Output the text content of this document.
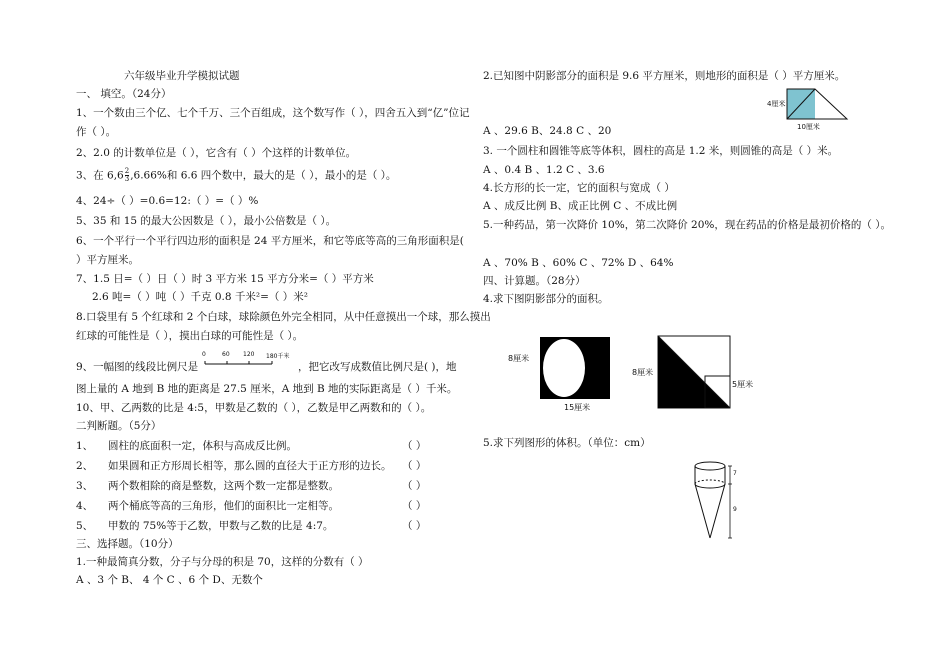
六年级毕业升学模拟试题
一、 填空。（24分）
1、一个数由三个亿、七个千万、三个百组成，这个数写作（ ），四舍五入到“亿”位记
作（ ）。
2、2.0 的计数单位是（ ），它含有（ ）个这样的计数单位。
3、在 $6,6 \frac{2}{3} ,6.66\%$和 6.6 四个数中，最大的是（ ），最小的是（ ）。
4、24÷（ ）=0.6=12:（ ）=（ ）%
5、35 和 15 的最大公因数是（ ），最小公倍数是（ ）。
6、一个平行一个平行四边形的面积是 24 平方厘米，和它等底等高的三角形面积是(
）平方厘米。
7、1.5 日=（ ）日（ ）时 3 平方米 15 平方分米=（ ）平方米
2.6 吨=（ ）吨（ ）千克 0.8 千米²=（ ）米²
8.口袋里有 5 个红球和 2 个白球，球除颜色外完全相同，从中任意摸出一个球，那么摸出
红球的可能性是（ ），摸出白球的可能性是（ ）。
9、一幅图的线段比例尺是
0	60 120 180千米
，把它改写成数值比例尺是( )，地
图上量的 A 地到 B 地的距离是 27.5 厘米，A 地到 B 地的实际距离是（ ）千米。
10、甲、乙两数的比是 4:5，甲数是乙数的（ ），乙数是甲乙两数和的（ ）。
二判断题。（5分）
1、 圆柱的底面积一定，体积与高成反比例。	（ ）
2、 如果圆和正方形周长相等，那么圆的直径大于正方形的边长。 （ ）
3、 两个数相除的商是整数，这两个数一定都是整数。	（ ）
4、 两个桶底等高的三角形，他们的面积比一定相等。	（ ）
5、 甲数的 75%等于乙数，甲数与乙数的比是 4:7。	（ ）
三、选择题。（10分）
1.一种最简真分数，分子与分母的积是 70，这样的分数有（ ）
A 、3 个 B、 4 个 C 、6 个 D、无数个
2.已知图中阴影部分的面积是 9.6 平方厘米，则地形的面积是（ ）平方厘米。
4厘米
10厘米
A 、29.6 B、24.8 C 、20
3. 一个圆柱和圆锥等底等体积，圆柱的高是 1.2 米，则圆锥的高是（ ）米。
A 、0.4 B 、1.2 C 、3.6
4.长方形的长一定，它的面积与宽成（ ）
A 、成反比例 B、成正比例 C 、不成比例
5.一种药品，第一次降价 10%，第二次降价 20%，现在药品的价格是最初价格的（ ）。
A 、70% B 、60% C 、72% D 、64%
四、计算题。（28分）
4.求下图阴影部分的面积。
8厘米
15厘米
8厘米
5厘米
5.求下列图形的体积。（单位：cm）
7
9
